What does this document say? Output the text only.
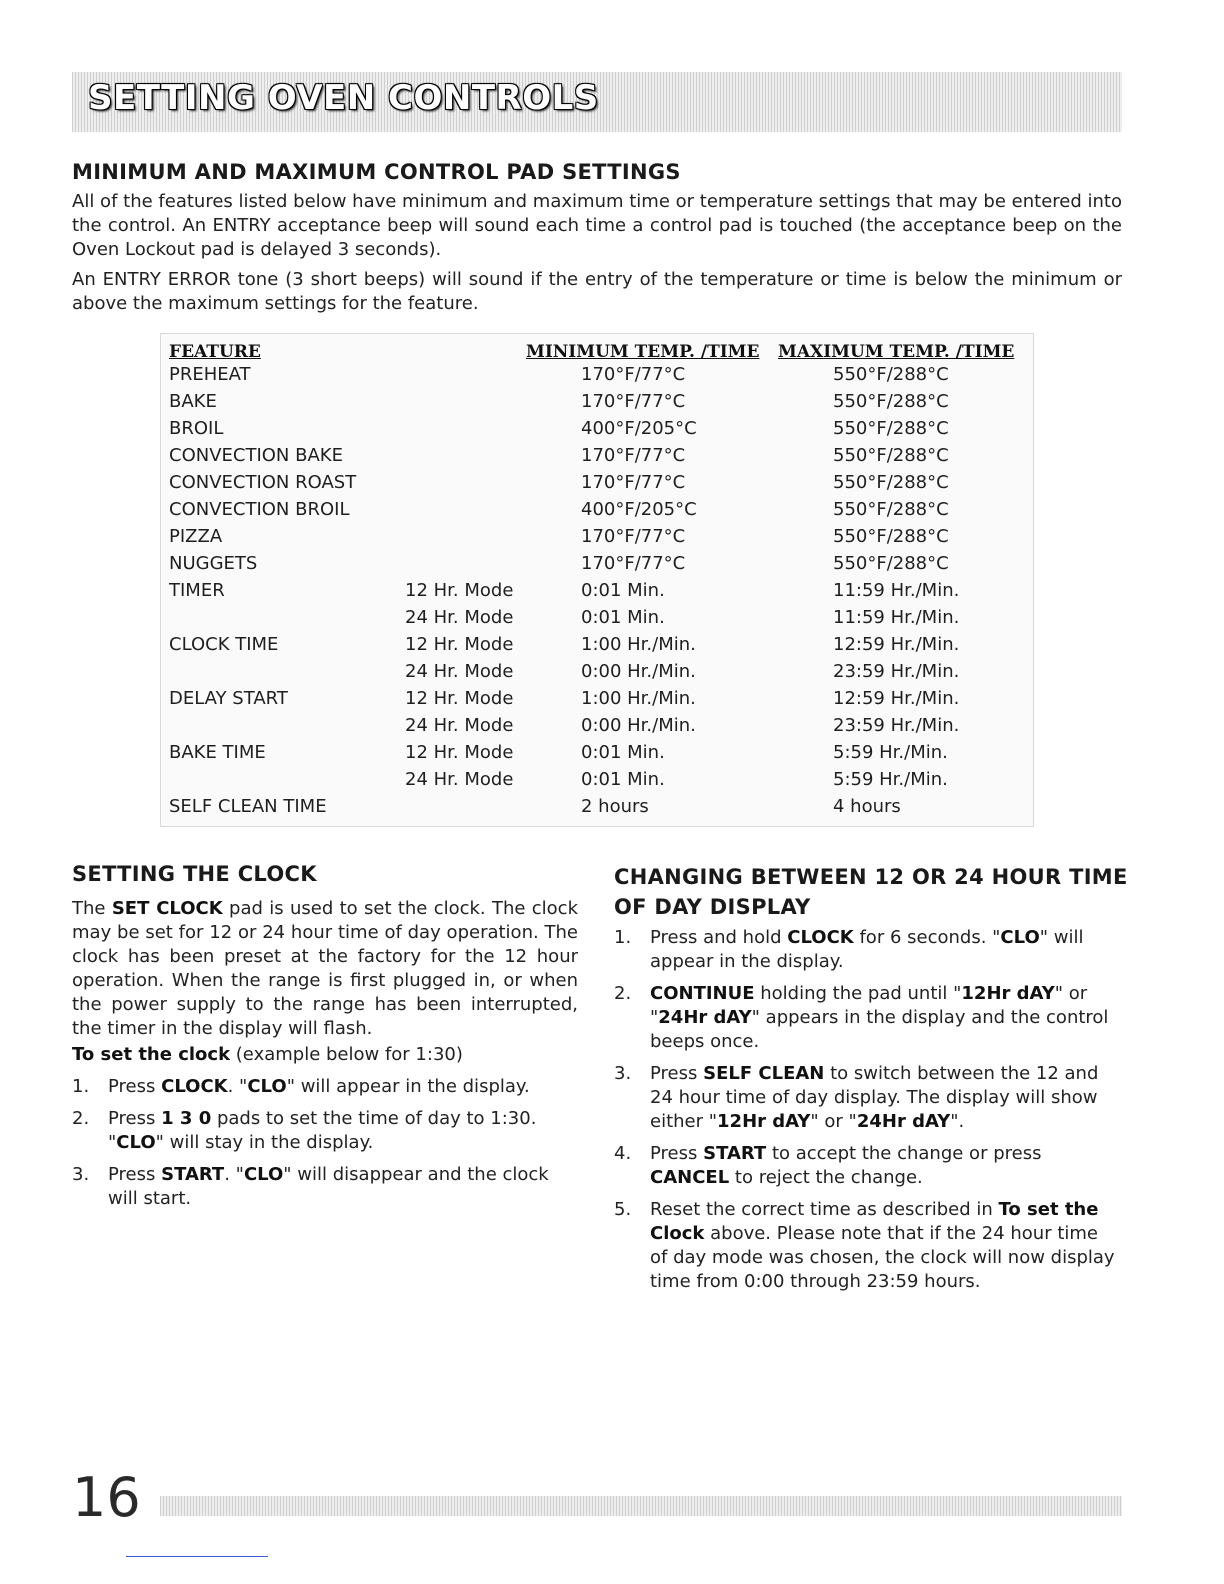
SETTING OVEN CONTROLS
MINIMUM AND MAXIMUM CONTROL PAD SETTINGS
All of the features listed below have minimum and maximum time or temperature settings that may be entered into the control. An ENTRY acceptance beep will sound each time a control pad is touched (the acceptance beep on the Oven Lockout pad is delayed 3 seconds).
An ENTRY ERROR tone (3 short beeps) will sound if the entry of the temperature or time is below the minimum or above the maximum settings for the feature.
FEATURE	MINIMUM TEMP. /TIME MAXIMUM TEMP. /TIME
PREHEAT	170°F/77°C	550°F/288°C
BAKE	170°F/77°C	550°F/288°C
BROIL	400°F/205°C	550°F/288°C
CONVECTION BAKE	170°F/77°C	550°F/288°C
CONVECTION ROAST	170°F/77°C	550°F/288°C
CONVECTION BROIL	400°F/205°C	550°F/288°C
PIZZA	170°F/77°C	550°F/288°C
NUGGETS	170°F/77°C	550°F/288°C
TIMER	12 Hr. Mode	0:01 Min.	11:59 Hr./Min.
24 Hr. Mode	0:01 Min.	11:59 Hr./Min.
CLOCK TIME	12 Hr. Mode	1:00 Hr./Min.	12:59 Hr./Min.
24 Hr. Mode	0:00 Hr./Min.	23:59 Hr./Min.
DELAY START	12 Hr. Mode	1:00 Hr./Min.	12:59 Hr./Min.
24 Hr. Mode	0:00 Hr./Min.	23:59 Hr./Min.
BAKE TIME	12 Hr. Mode	0:01 Min.	5:59 Hr./Min.
24 Hr. Mode	0:01 Min.	5:59 Hr./Min.
SELF CLEAN TIME	2 hours	4 hours
SETTING THE CLOCK
The SET CLOCK pad is used to set the clock. The clock may be set for 12 or 24 hour time of day operation. The clock has been preset at the factory for the 12 hour operation. When the range is first plugged in, or when the power supply to the range has been interrupted, the timer in the display will flash.
To set the clock (example below for 1:30)
1. Press CLOCK. "CLO" will appear in the display.
2. Press 1 3 0 pads to set the time of day to 1:30. "CLO" will stay in the display.
3. Press START. "CLO" will disappear and the clock will start.
CHANGING BETWEEN 12 OR 24 HOUR TIME
OF DAY DISPLAY
1. Press and hold CLOCK for 6 seconds. "CLO" will appear in the display.
2. CONTINUE holding the pad until "12Hr dAY" or "24Hr dAY" appears in the display and the control beeps once.
3. Press SELF CLEAN to switch between the 12 and 24 hour time of day display. The display will show either "12Hr dAY" or "24Hr dAY".
4. Press START to accept the change or press CANCEL to reject the change.
5. Reset the correct time as described in To set the Clock above. Please note that if the 24 hour time of day mode was chosen, the clock will now display time from 0:00 through 23:59 hours.
16
